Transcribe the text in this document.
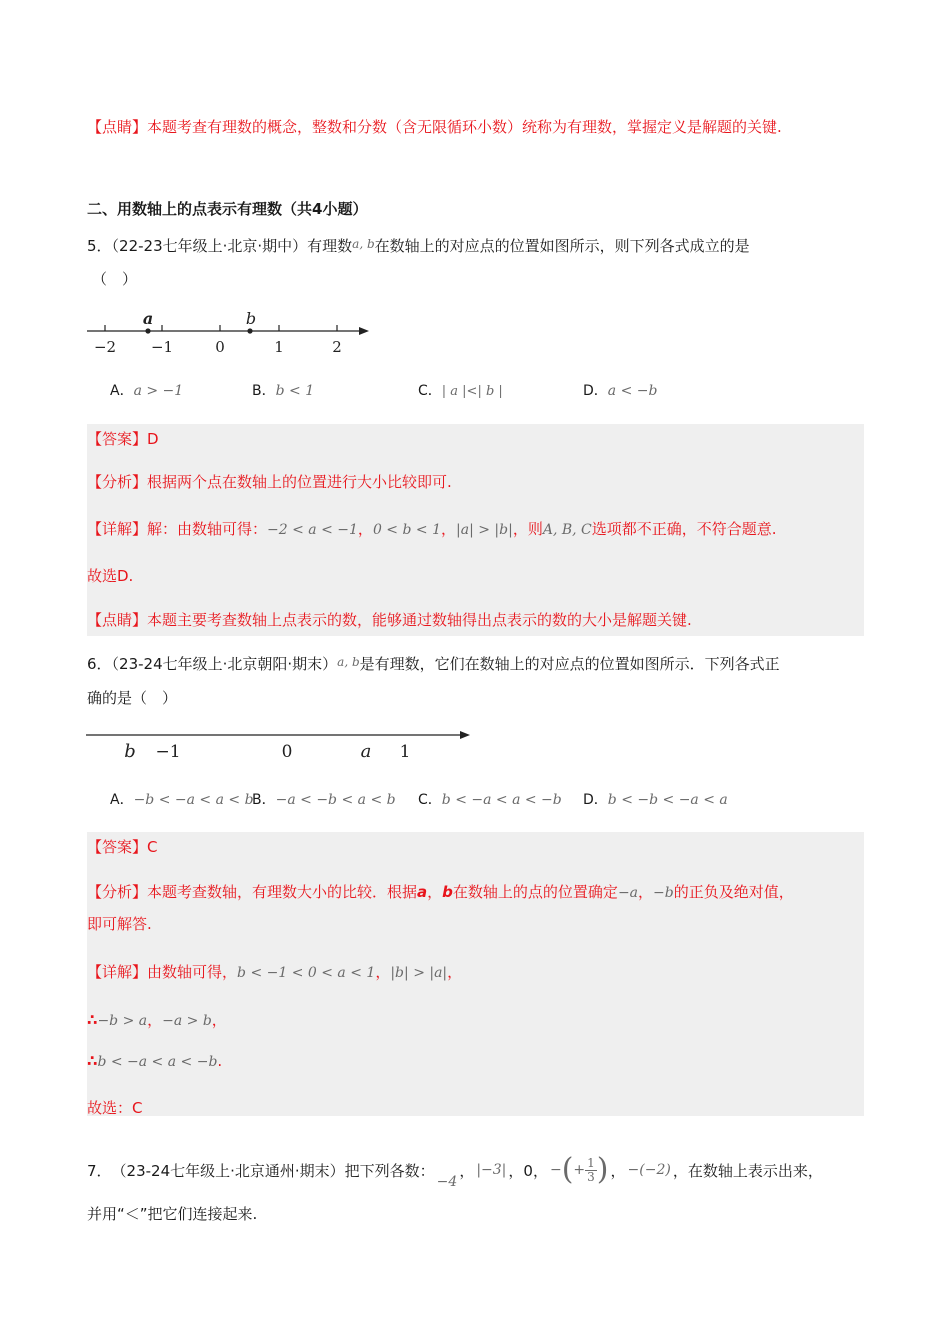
【点睛】本题考查有理数的概念，整数和分数（含无限循环小数）统称为有理数，掌握定义是解题的关键.
二、用数轴上的点表示有理数（共4小题）
5．（22-23七年级上·北京·期中）有理数$^{a, b}$在数轴上的对应点的位置如图所示，则下列各式成立的是
（　）
−2 −1	0	1	2
a	b
A．a > −1	B．b < 1	C．| a |<| b |	D．a < −b
【答案】D
【分析】根据两个点在数轴上的位置进行大小比较即可.
【详解】解：由数轴可得：−2 < a < −1，0 < b < 1，|a| > |b|，则A, B, C选项都不正确，不符合题意.
故选D.
【点睛】本题主要考查数轴上点表示的数，能够通过数轴得出点表示的数的大小是解题关键.
6．（23-24七年级上·北京朝阳·期末）$^{a, b}$是有理数，它们在数轴上的对应点的位置如图所示．下列各式正
确的是（　）
b −1	0	a 1
A．−b < −a < a < b
B．−a < −b < a < b C．b < −a < a < −b D．b < −b < −a < a
【答案】C
【分析】本题考查数轴，有理数大小的比较．根据a，b在数轴上的点的位置确定−a，−b的正负及绝对值，
即可解答.
【详解】由数轴可得，b < −1 < 0 < a < 1，|b| > |a|，
∴−b > a，−a > b，
∴b < −a < a < −b.
故选：C
7． （23-24七年级上·北京通州·期末）把下列各数：
−4
， |−3| ，0， − ( + $\frac{1}{3}$ ) ， −(−2) ，在数轴上表示出来，
并用“＜”把它们连接起来.
